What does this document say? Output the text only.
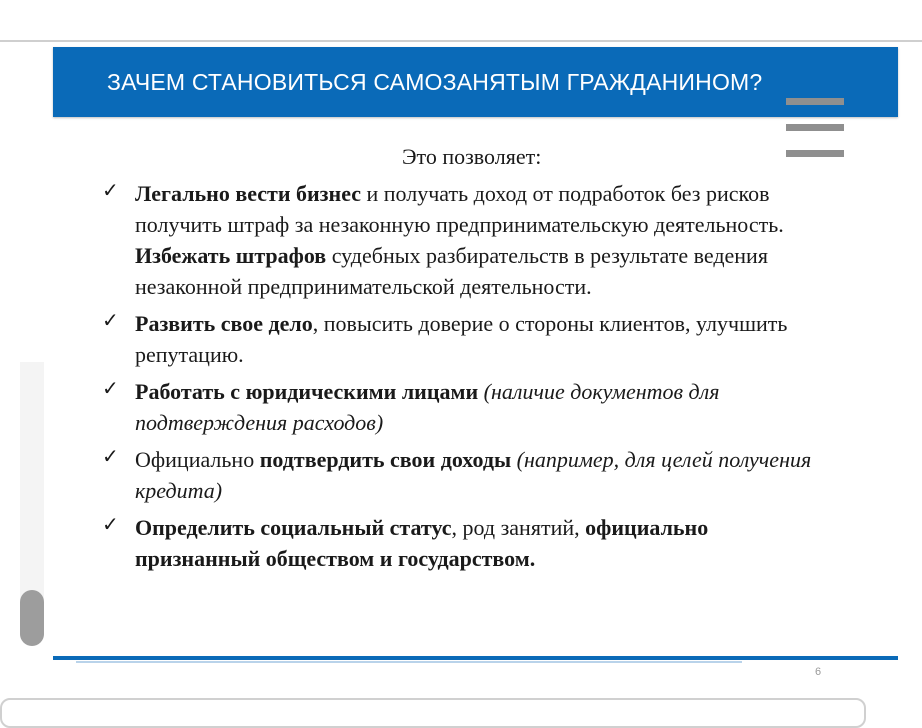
ЗАЧЕМ СТАНОВИТЬСЯ САМОЗАНЯТЫМ ГРАЖДАНИНОМ?

Это позволяет:

✓ Легально вести бизнес и получать доход от подработок без рисков получить штраф за незаконную предпринимательскую деятельность.
Избежать штрафов судебных разбирательств в результате ведения незаконной предпринимательской деятельности.
✓ Развить свое дело, повысить доверие о стороны клиентов, улучшить репутацию.
✓ Работать с юридическими лицами (наличие документов для подтверждения расходов)
✓ Официально подтвердить свои доходы (например, для целей получения кредита)
✓ Определить социальный статус, род занятий, официально признанный обществом и государством.
6
